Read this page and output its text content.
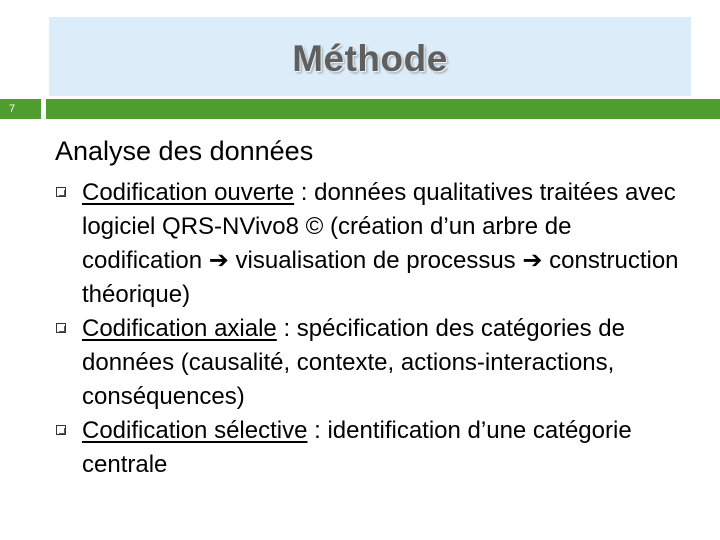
Méthode
7
Analyse des données
Codification ouverte : données qualitatives traitées avec logiciel QRS-NVivo8 © (création d’un arbre de codification ➔ visualisation de processus ➔ construction théorique)
Codification axiale : spécification des catégories de données (causalité, contexte, actions-interactions, conséquences)
Codification sélective : identification d’une catégorie centrale
